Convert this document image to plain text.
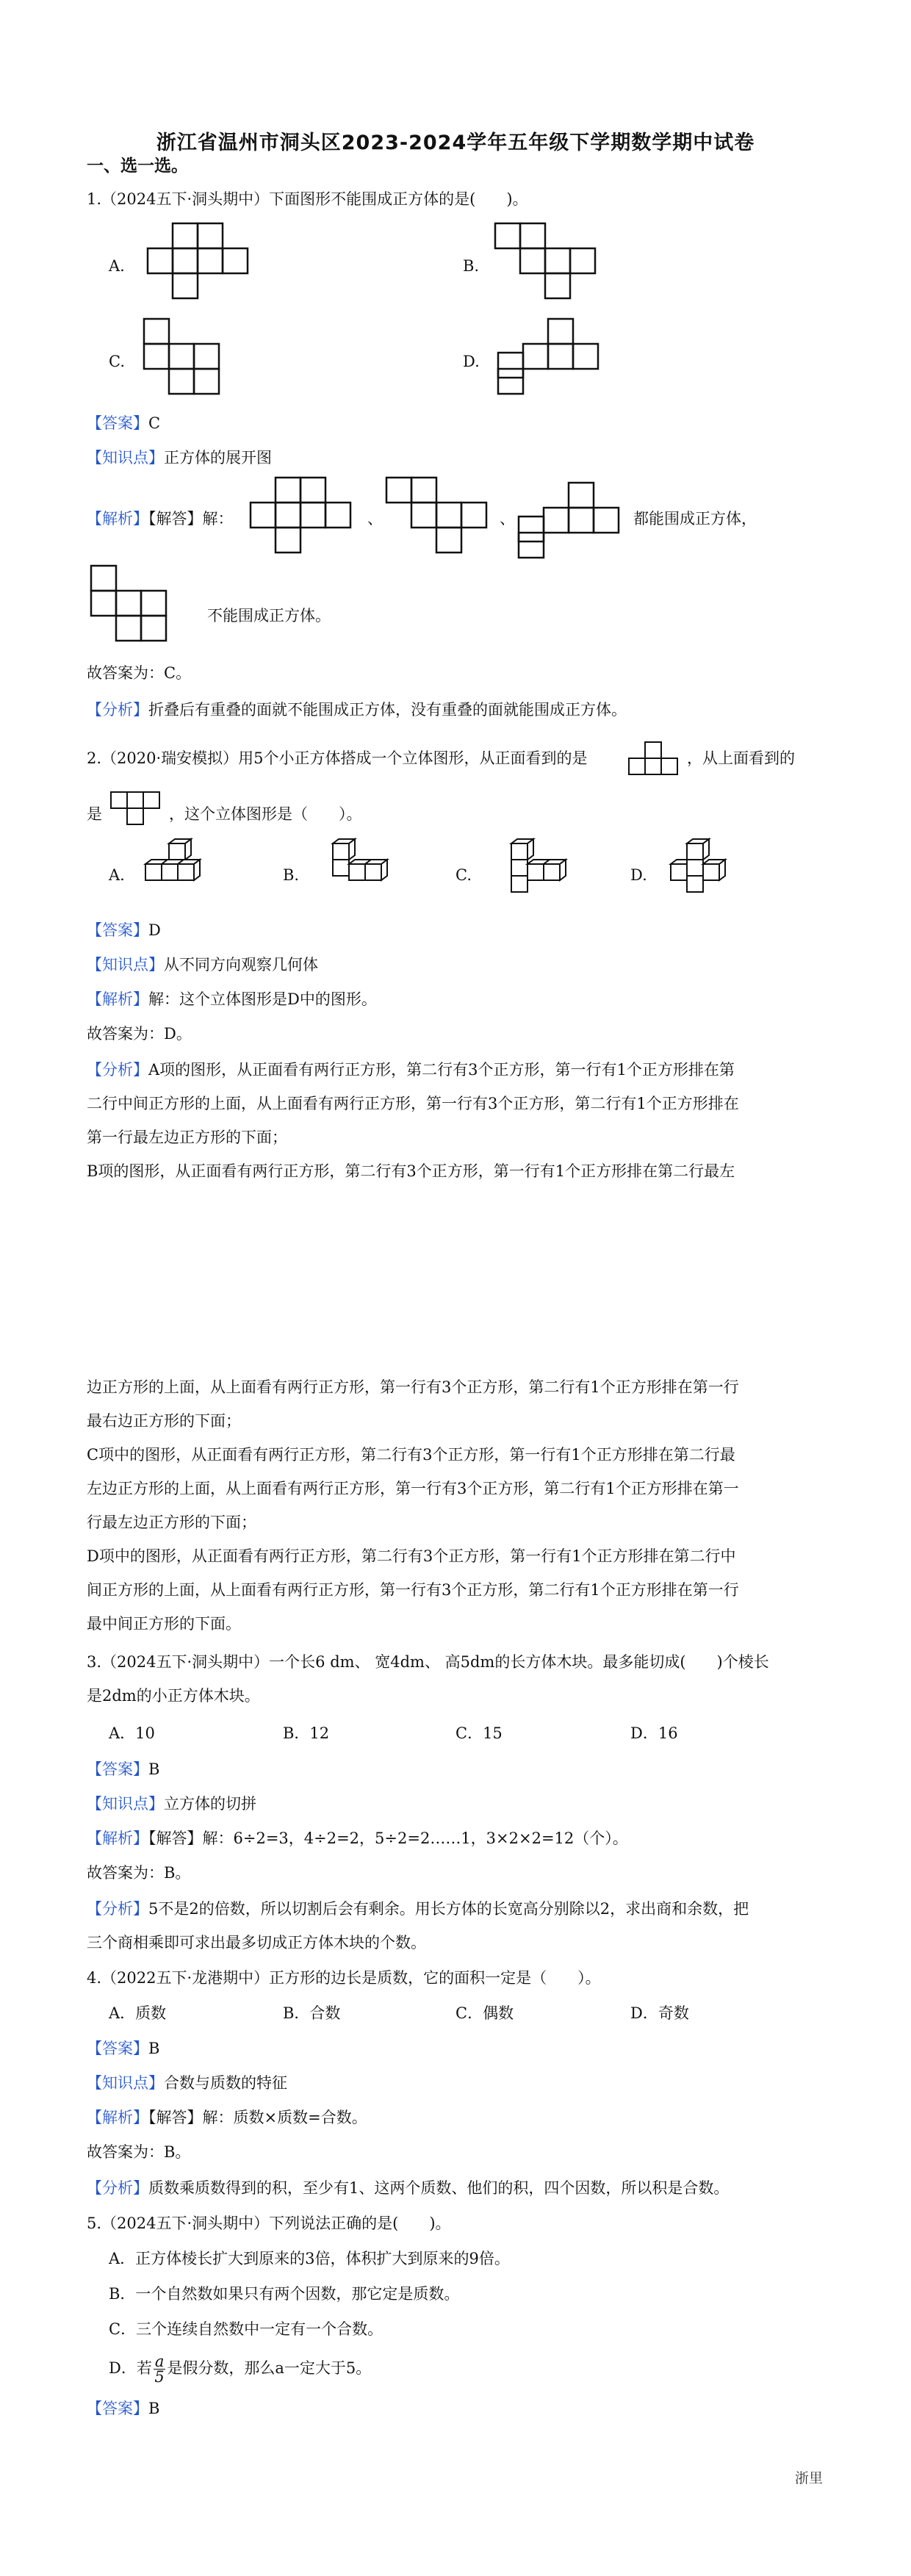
浙江省温州市洞头区2023-2024学年五年级下学期数学期中试卷
一、选一选。
1.（2024五下·洞头期中）下面图形不能围成正方体的是(　　)。
A.	B.
C.	D.
【答案】C
【知识点】正方体的展开图
【解析】【解答】解：	、	、	都能围成正方体，
不能围成正方体。
故答案为：C。
【分析】折叠后有重叠的面就不能围成正方体，没有重叠的面就能围成正方体。
2.（2020·瑞安模拟）用5个小正方体搭成一个立体图形，从正面看到的是	，从上面看到的
是	，这个立体图形是（　　）。
A.	B.	C.	D.
【答案】D
【知识点】从不同方向观察几何体
【解析】解：这个立体图形是D中的图形。
故答案为：D。
【分析】A项的图形，从正面看有两行正方形，第二行有3个正方形，第一行有1个正方形排在第
二行中间正方形的上面，从上面看有两行正方形，第一行有3个正方形，第二行有1个正方形排在
第一行最左边正方形的下面；
B项的图形，从正面看有两行正方形，第二行有3个正方形，第一行有1个正方形排在第二行最左
边正方形的上面，从上面看有两行正方形，第一行有3个正方形，第二行有1个正方形排在第一行
最右边正方形的下面；
C项中的图形，从正面看有两行正方形，第二行有3个正方形，第一行有1个正方形排在第二行最
左边正方形的上面，从上面看有两行正方形，第一行有3个正方形，第二行有1个正方形排在第一
行最左边正方形的下面；
D项中的图形，从正面看有两行正方形，第二行有3个正方形，第一行有1个正方形排在第二行中
间正方形的上面，从上面看有两行正方形，第一行有3个正方形，第二行有1个正方形排在第一行
最中间正方形的下面。
3.（2024五下·洞头期中）一个长6 dm、 宽4dm、 高5dm的长方体木块。最多能切成(　　)个棱长
是2dm的小正方体木块。
A．10	B．12	C．15	D．16
【答案】B
【知识点】立方体的切拼
【解析】【解答】解：6÷2=3，4÷2=2，5÷2=2……1，3×2×2=12（个）。
故答案为：B。
【分析】5不是2的倍数，所以切割后会有剩余。用长方体的长宽高分别除以2，求出商和余数，把
三个商相乘即可求出最多切成正方体木块的个数。
4.（2022五下·龙港期中）正方形的边长是质数，它的面积一定是（　　）。
A．质数	B．合数	C．偶数	D．奇数
【答案】B
【知识点】合数与质数的特征
【解析】【解答】解：质数×质数=合数。
故答案为：B。
【分析】质数乘质数得到的积，至少有1、这两个质数、他们的积，四个因数，所以积是合数。
5.（2024五下·洞头期中）下列说法正确的是(　　)。
A．正方体棱长扩大到原来的3倍，体积扩大到原来的9倍。
B．一个自然数如果只有两个因数，那它定是质数。
C．三个连续自然数中一定有一个合数。
D．若 $\frac{a}{5}$ 是假分数，那么a一定大于5。
【答案】B
浙里
